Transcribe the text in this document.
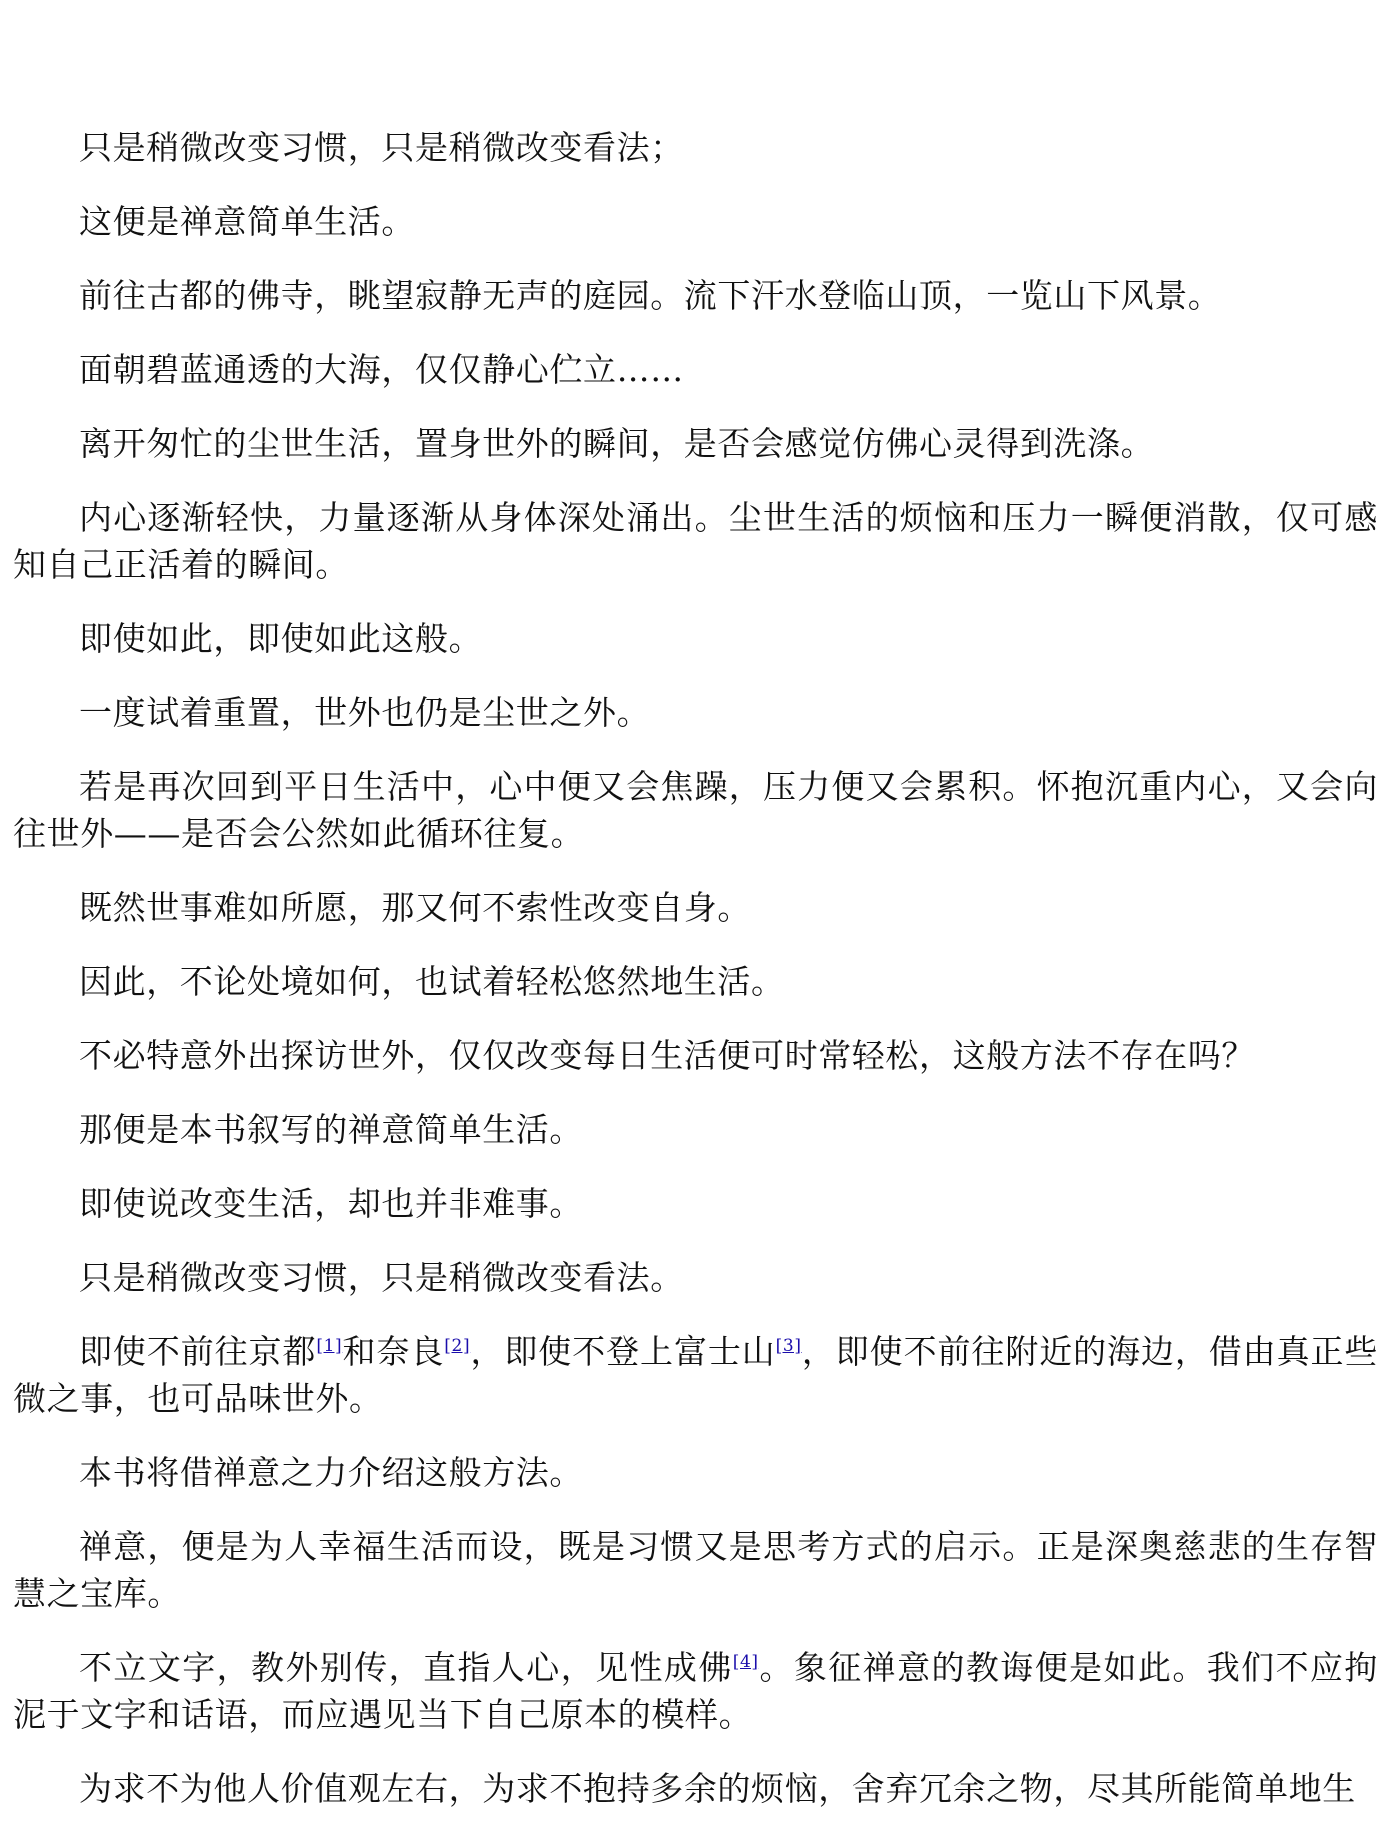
只是稍微改变习惯，只是稍微改变看法；

这便是禅意简单生活。

前往古都的佛寺，眺望寂静无声的庭园。流下汗水登临山顶，一览山下风景。

面朝碧蓝通透的大海，仅仅静心伫立……

离开匆忙的尘世生活，置身世外的瞬间，是否会感觉仿佛心灵得到洗涤。

内心逐渐轻快，力量逐渐从身体深处涌出。尘世生活的烦恼和压力一瞬便消散，仅可感知自己正活着的瞬间。

即使如此，即使如此这般。

一度试着重置，世外也仍是尘世之外。

若是再次回到平日生活中，心中便又会焦躁，压力便又会累积。怀抱沉重内心，又会向往世外——是否会公然如此循环往复。

既然世事难如所愿，那又何不索性改变自身。

因此，不论处境如何，也试着轻松悠然地生活。

不必特意外出探访世外，仅仅改变每日生活便可时常轻松，这般方法不存在吗？

那便是本书叙写的禅意简单生活。

即使说改变生活，却也并非难事。

只是稍微改变习惯，只是稍微改变看法。

即使不前往京都[1]和奈良[2]，即使不登上富士山[3]，即使不前往附近的海边，借由真正些微之事，也可品味世外。

本书将借禅意之力介绍这般方法。

禅意，便是为人幸福生活而设，既是习惯又是思考方式的启示。正是深奥慈悲的生存智慧之宝库。

不立文字，教外别传，直指人心，见性成佛[4]。象征禅意的教诲便是如此。我们不应拘泥于文字和话语，而应遇见当下自己原本的模样。

为求不为他人价值观左右，为求不抱持多余的烦恼，舍弃冗余之物，尽其所能简单地生
